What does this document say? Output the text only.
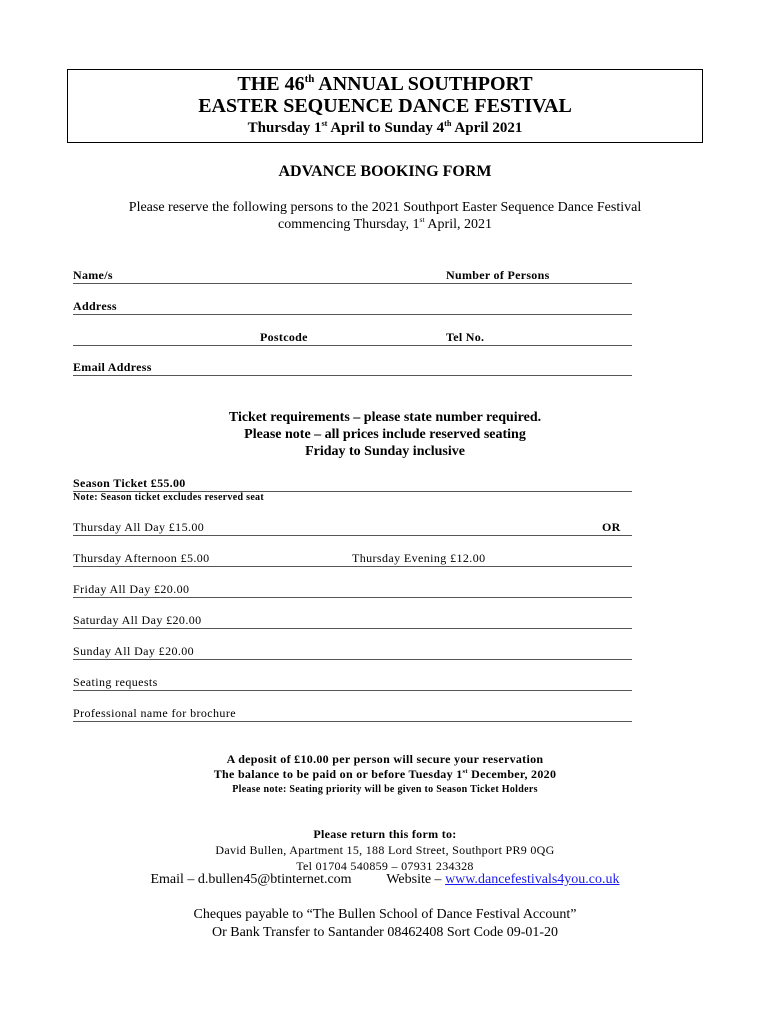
THE 46th ANNUAL SOUTHPORT
EASTER SEQUENCE DANCE FESTIVAL
Thursday 1st April to Sunday 4th April 2021
ADVANCE BOOKING FORM
Please reserve the following persons to the 2021 Southport Easter Sequence Dance Festival
commencing Thursday, 1st April, 2021
Name/s	Number of Persons
Address
Postcode	Tel No.
Email Address
Ticket requirements – please state number required.
Please note – all prices include reserved seating
Friday to Sunday inclusive
Season Ticket £55.00
Note: Season ticket excludes reserved seat
Thursday All Day £15.00	OR
Thursday Afternoon £5.00	Thursday Evening £12.00
Friday All Day £20.00
Saturday All Day £20.00
Sunday All Day £20.00
Seating requests
Professional name for brochure
A deposit of £10.00 per person will secure your reservation
The balance to be paid on or before Tuesday 1st December, 2020
Please note: Seating priority will be given to Season Ticket Holders
Please return this form to:
David Bullen, Apartment 15, 188 Lord Street, Southport PR9 0QG
Tel 01704 540859 – 07931 234328
Email – d.bullen45@btinternet.com Website – www.dancefestivals4you.co.uk
Cheques payable to “The Bullen School of Dance Festival Account”
Or Bank Transfer to Santander 08462408 Sort Code 09-01-20
